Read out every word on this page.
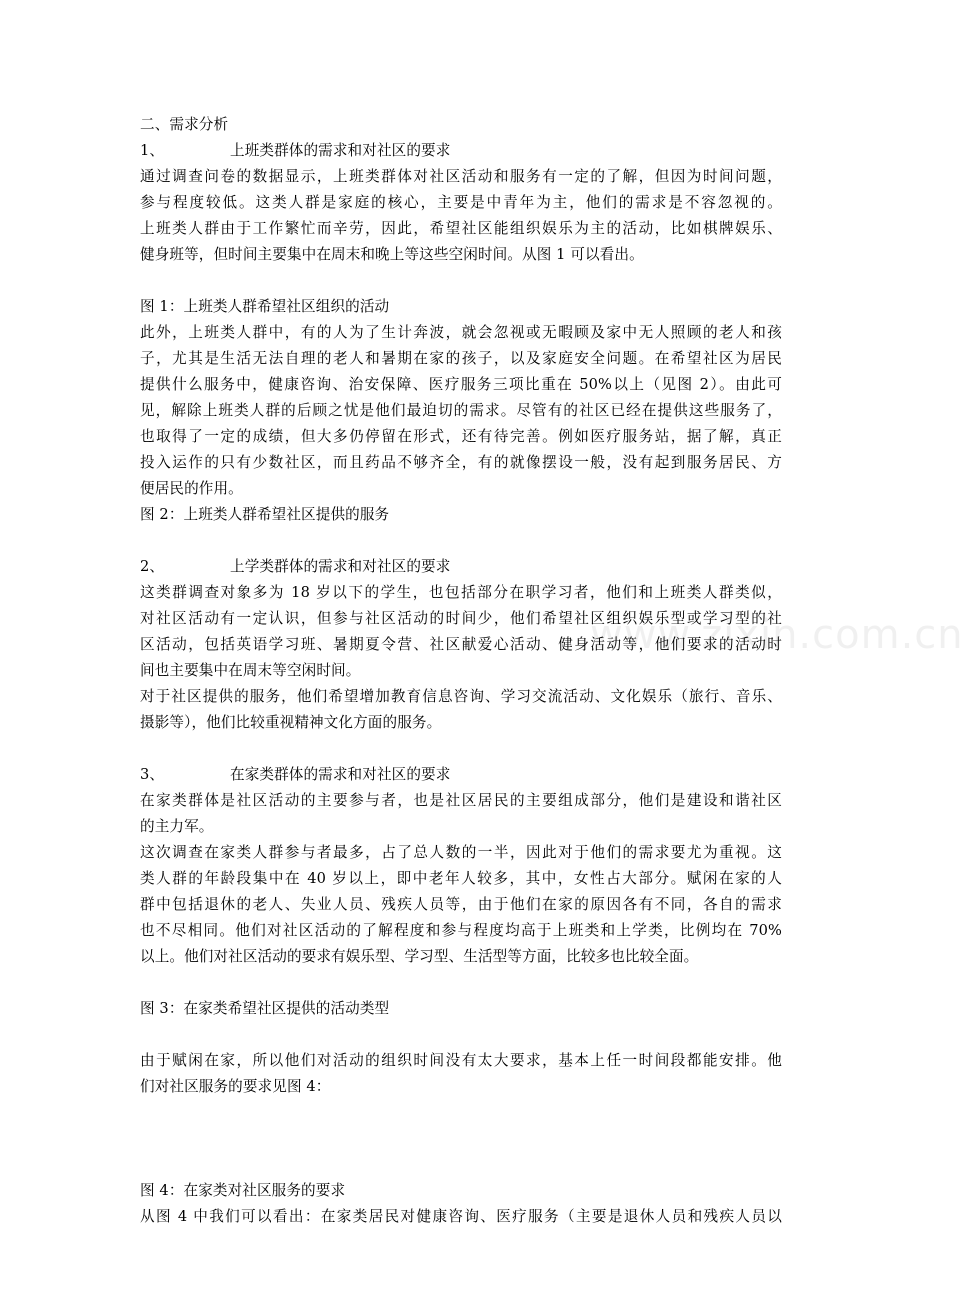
www.zixin.com.cn
二、需求分析
1、	上班类群体的需求和对社区的要求
通过调查问卷的数据显示，上班类群体对社区活动和服务有一定的了解，但因为时间问题，
参与程度较低。这类人群是家庭的核心，主要是中青年为主，他们的需求是不容忽视的。
上班类人群由于工作繁忙而辛劳，因此，希望社区能组织娱乐为主的活动，比如棋牌娱乐、
健身班等，但时间主要集中在周末和晚上等这些空闲时间。从图 1 可以看出。
图 1：上班类人群希望社区组织的活动
此外，上班类人群中，有的人为了生计奔波，就会忽视或无暇顾及家中无人照顾的老人和孩
子，尤其是生活无法自理的老人和暑期在家的孩子，以及家庭安全问题。在希望社区为居民
提供什么服务中，健康咨询、治安保障、医疗服务三项比重在 50%以上（见图 2）。由此可
见，解除上班类人群的后顾之忧是他们最迫切的需求。尽管有的社区已经在提供这些服务了，
也取得了一定的成绩，但大多仍停留在形式，还有待完善。例如医疗服务站，据了解，真正
投入运作的只有少数社区，而且药品不够齐全，有的就像摆设一般，没有起到服务居民、方
便居民的作用。
图 2：上班类人群希望社区提供的服务
2、	上学类群体的需求和对社区的要求
这类群调查对象多为 18 岁以下的学生，也包括部分在职学习者，他们和上班类人群类似，
对社区活动有一定认识，但参与社区活动的时间少，他们希望社区组织娱乐型或学习型的社
区活动，包括英语学习班、暑期夏令营、社区献爱心活动、健身活动等，他们要求的活动时
间也主要集中在周末等空闲时间。
对于社区提供的服务，他们希望增加教育信息咨询、学习交流活动、文化娱乐（旅行、音乐、
摄影等），他们比较重视精神文化方面的服务。
3、	在家类群体的需求和对社区的要求
在家类群体是社区活动的主要参与者，也是社区居民的主要组成部分，他们是建设和谐社区
的主力军。
这次调查在家类人群参与者最多，占了总人数的一半，因此对于他们的需求要尤为重视。这
类人群的年龄段集中在 40 岁以上，即中老年人较多，其中，女性占大部分。赋闲在家的人
群中包括退休的老人、失业人员、残疾人员等，由于他们在家的原因各有不同，各自的需求
也不尽相同。他们对社区活动的了解程度和参与程度均高于上班类和上学类，比例均在 70%
以上。他们对社区活动的要求有娱乐型、学习型、生活型等方面，比较多也比较全面。
图 3：在家类希望社区提供的活动类型
由于赋闲在家，所以他们对活动的组织时间没有太大要求，基本上任一时间段都能安排。他
们对社区服务的要求见图 4：
图 4：在家类对社区服务的要求
从图 4 中我们可以看出：在家类居民对健康咨询、医疗服务（主要是退休人员和残疾人员以
